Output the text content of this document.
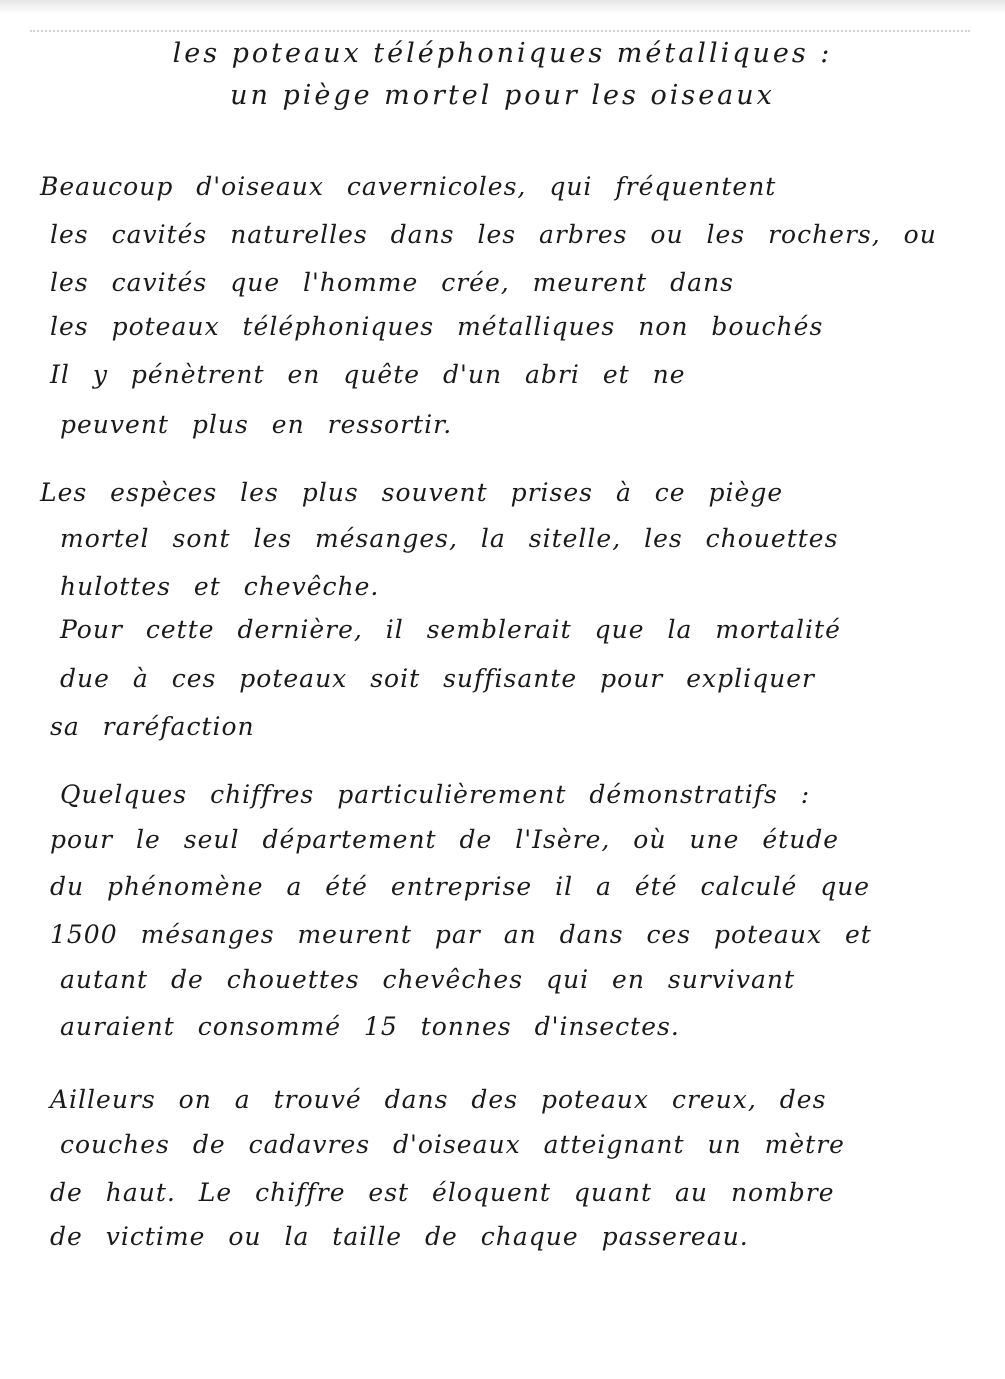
les poteaux téléphoniques métalliques :
un piège mortel pour les oiseaux
Beaucoup d'oiseaux cavernicoles, qui fréquentent
les cavités naturelles dans les arbres ou les rochers, ou
les cavités que l'homme crée, meurent dans
les poteaux téléphoniques métalliques non bouchés
Il y pénètrent en quête d'un abri et ne
peuvent plus en ressortir.
Les espèces les plus souvent prises à ce piège
mortel sont les mésanges, la sitelle, les chouettes
hulottes et chevêche.
Pour cette dernière, il semblerait que la mortalité
due à ces poteaux soit suffisante pour expliquer
sa raréfaction
Quelques chiffres particulièrement démonstratifs :
pour le seul département de l'Isère, où une étude
du phénomène a été entreprise il a été calculé que
1500 mésanges meurent par an dans ces poteaux et
autant de chouettes chevêches qui en survivant
auraient consommé 15 tonnes d'insectes.
Ailleurs on a trouvé dans des poteaux creux, des
couches de cadavres d'oiseaux atteignant un mètre
de haut. Le chiffre est éloquent quant au nombre
de victime ou la taille de chaque passereau.
